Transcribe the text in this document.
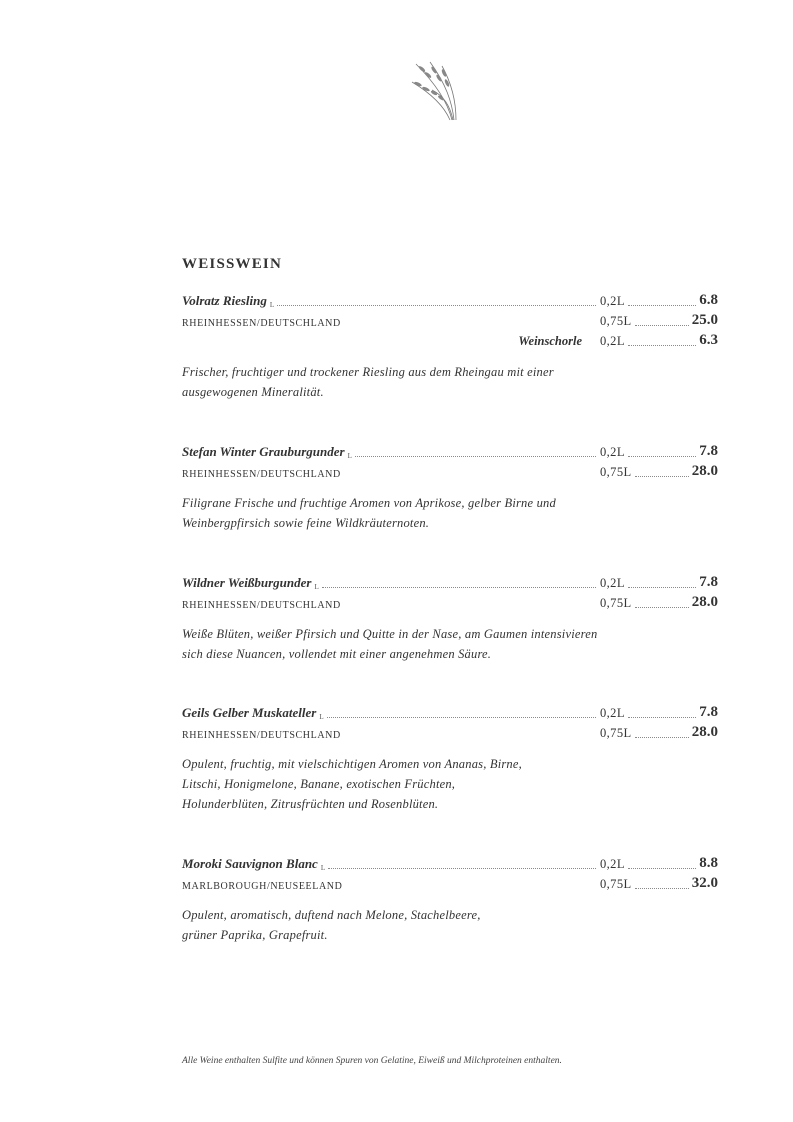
WEISSWEIN
Volratz Riesling L	0,2L	6.8
RHEINHESSEN/DEUTSCHLAND	0,75L	25.0
Weinschorle 0,2L	6.3
Frischer, fruchtiger und trockener Riesling aus dem Rheingau mit einer ausgewogenen Mineralität.
Stefan Winter Grauburgunder L	0,2L	7.8
RHEINHESSEN/DEUTSCHLAND	0,75L	28.0
Filigrane Frische und fruchtige Aromen von Aprikose, gelber Birne und Weinbergpfirsich sowie feine Wildkräuternoten.
Wildner Weißburgunder L	0,2L	7.8
RHEINHESSEN/DEUTSCHLAND	0,75L	28.0
Weiße Blüten, weißer Pfirsich und Quitte in der Nase, am Gaumen intensivieren sich diese Nuancen, vollendet mit einer angenehmen Säure.
Geils Gelber Muskateller L	0,2L	7.8
RHEINHESSEN/DEUTSCHLAND	0,75L	28.0
Opulent, fruchtig, mit vielschichtigen Aromen von Ananas, Birne, Litschi, Honigmelone, Banane, exotischen Früchten, Holunderblüten, Zitrusfrüchten und Rosenblüten.
Moroki Sauvignon Blanc L	0,2L	8.8
MARLBOROUGH/NEUSEELAND	0,75L	32.0
Opulent, aromatisch, duftend nach Melone, Stachelbeere, grüner Paprika, Grapefruit.
Alle Weine enthalten Sulfite und können Spuren von Gelatine, Eiweiß und Milchproteinen enthalten.
